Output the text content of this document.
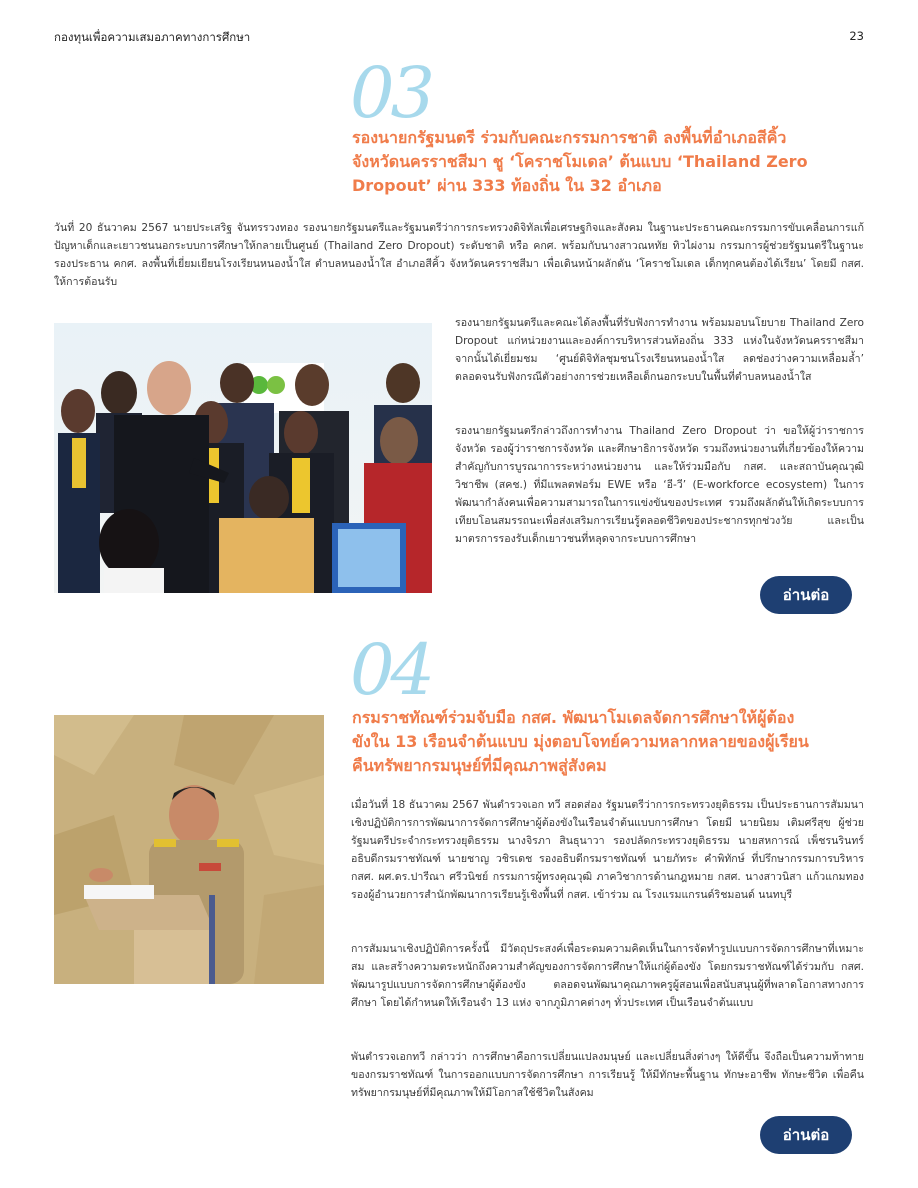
กองทุนเพื่อความเสมอภาคทางการศึกษา	23
03
รองนายกรัฐมนตรี ร่วมกับคณะกรรมการชาติ ลงพื้นที่อำเภอสีคิ้ว
จังหวัดนครราชสีมา ชู ‘โคราชโมเดล’ ต้นแบบ ‘Thailand Zero
Dropout’ ผ่าน 333 ท้องถิ่น ใน 32 อำเภอ

วันที่ 20 ธันวาคม 2567 นายประเสริฐ จันทรรวงทอง รองนายกรัฐมนตรีและรัฐมนตรีว่าการกระทรวงดิจิทัลเพื่อเศรษฐกิจและสังคม ในฐานะประธานคณะกรรมการขับเคลื่อนการแก้ปัญหาเด็กและเยาวชนนอกระบบการศึกษาให้กลายเป็นศูนย์ (Thailand Zero Dropout) ระดับชาติ หรือ คกศ. พร้อมกับนางสาวณหทัย ทิวไผ่งาม กรรมการผู้ช่วยรัฐมนตรีในฐานะรองประธาน คกศ. ลงพื้นที่เยี่ยมเยียนโรงเรียนหนองน้ำใส ตำบลหนองน้ำใส อำเภอสีคิ้ว จังหวัดนครราชสีมา เพื่อเดินหน้าผลักดัน ‘โคราชโมเดล เด็กทุกคนต้องได้เรียน’ โดยมี กสศ. ให้การต้อนรับ

รองนายกรัฐมนตรีและคณะได้ลงพื้นที่รับฟังการทำงาน พร้อมมอบนโยบาย Thailand Zero Dropout แก่หน่วยงานและองค์การบริหารส่วนท้องถิ่น 333 แห่งในจังหวัดนครราชสีมา จากนั้นได้เยี่ยมชม ‘ศูนย์ดิจิทัลชุมชนโรงเรียนหนองน้ำใส ลดช่องว่างความเหลื่อมล้ำ’ ตลอดจนรับฟังกรณีตัวอย่างการช่วยเหลือเด็กนอกระบบในพื้นที่ตำบลหนองน้ำใส

รองนายกรัฐมนตรีกล่าวถึงการทำงาน Thailand Zero Dropout ว่า ขอให้ผู้ว่าราชการจังหวัด รองผู้ว่าราชการจังหวัด และศึกษาธิการจังหวัด รวมถึงหน่วยงานที่เกี่ยวข้องให้ความสำคัญกับการบูรณาการระหว่างหน่วยงาน และให้ร่วมมือกับ กสศ. และสถาบันคุณวุฒิวิชาชีพ (สคช.) ที่มีแพลตฟอร์ม EWE หรือ ‘อี-วี’ (E-workforce ecosystem) ในการพัฒนากำลังคนเพื่อความสามารถในการแข่งขันของประเทศ รวมถึงผลักดันให้เกิดระบบการเทียบโอนสมรรถนะเพื่อส่งเสริมการเรียนรู้ตลอดชีวิตของประชากรทุกช่วงวัย และเป็นมาตรการรองรับเด็กเยาวชนที่หลุดจากระบบการศึกษา

อ่านต่อ
04
กรมราชทัณฑ์ร่วมจับมือ กสศ. พัฒนาโมเดลจัดการศึกษาให้ผู้ต้อง
ขังใน 13 เรือนจำต้นแบบ มุ่งตอบโจทย์ความหลากหลายของผู้เรียน
คืนทรัพยากรมนุษย์ที่มีคุณภาพสู่สังคม

เมื่อวันที่ 18 ธันวาคม 2567 พันตำรวจเอก ทวี สอดส่อง รัฐมนตรีว่าการกระทรวงยุติธรรม เป็นประธานการสัมมนาเชิงปฏิบัติการการพัฒนาการจัดการศึกษาผู้ต้องขังในเรือนจำต้นแบบการศึกษา โดยมี นายนิยม เติมศรีสุข ผู้ช่วยรัฐมนตรีประจำกระทรวงยุติธรรม นางจิรภา สินธุนาวา รองปลัดกระทรวงยุติธรรม นายสหการณ์ เพ็ชรนรินทร์ อธิบดีกรมราชทัณฑ์ นายชาญ วชิรเดช รองอธิบดีกรมราชทัณฑ์ นายภัทระ คำพิทักษ์ ที่ปรึกษากรรมการบริหาร กสศ. ผศ.ดร.ปารีณา ศรีวนิชย์ กรรมการผู้ทรงคุณวุฒิ ภาควิชาการด้านกฎหมาย กสศ. นางสาวนิสา แก้วแกมทอง รองผู้อำนวยการสำนักพัฒนาการเรียนรู้เชิงพื้นที่ กสศ. เข้าร่วม ณ โรงแรมแกรนด์ริชมอนด์ นนทบุรี

การสัมมนาเชิงปฏิบัติการครั้งนี้ มีวัตถุประสงค์เพื่อระดมความคิดเห็นในการจัดทำรูปแบบการจัดการศึกษาที่เหมาะสม และสร้างความตระหนักถึงความสำคัญของการจัดการศึกษาให้แก่ผู้ต้องขัง โดยกรมราชทัณฑ์ได้ร่วมกับ กสศ. พัฒนารูปแบบการจัดการศึกษาผู้ต้องขัง ตลอดจนพัฒนาคุณภาพครูผู้สอนเพื่อสนับสนุนผู้ที่พลาดโอกาสทางการศึกษา โดยได้กำหนดให้เรือนจำ 13 แห่ง จากภูมิภาคต่างๆ ทั่วประเทศ เป็นเรือนจำต้นแบบ

พันตำรวจเอกทวี กล่าวว่า การศึกษาคือการเปลี่ยนแปลงมนุษย์ และเปลี่ยนสิ่งต่างๆ ให้ดีขึ้น จึงถือเป็นความท้าทายของกรมราชทัณฑ์ ในการออกแบบการจัดการศึกษา การเรียนรู้ ให้มีทักษะพื้นฐาน ทักษะอาชีพ ทักษะชีวิต เพื่อคืนทรัพยากรมนุษย์ที่มีคุณภาพให้มีโอกาสใช้ชีวิตในสังคม

อ่านต่อ
